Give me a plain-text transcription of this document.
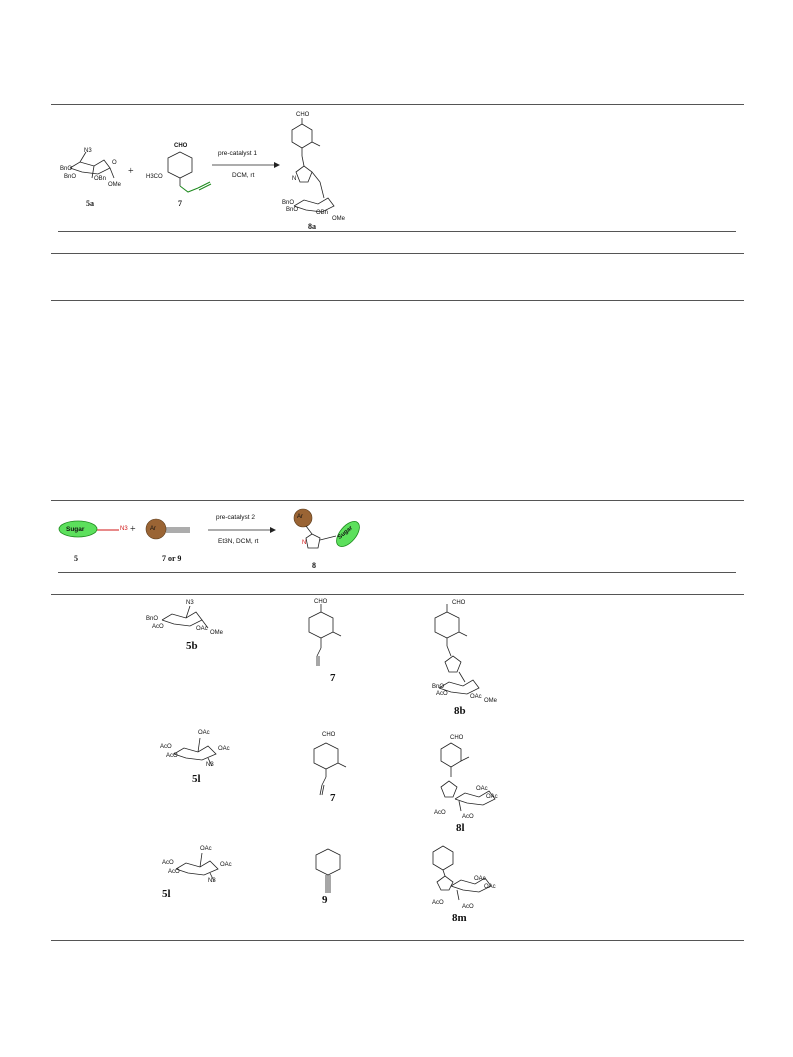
N3
O
BnO
BnO	OBn
OMe
5a
+
CHO
H3CO
7
pre-catalyst 1
DCM, rt
CHO
N
BnO
BnO	OBn
OMe
8a
Sugar	N3
5
+ Ar
7 or 9
pre-catalyst 2
Et3N, DCM, rt
Ar
N
Sugar
8
N3
BnO
AcO	OAc
OMe
5b
CHO
7
CHO
BnO
AcO	OAc
OMe
8b
OAc
AcO
AcO
OAc
N3
5l
CHO
7
CHO
OAc
OAc
AcO
AcO
8l
OAc
AcO
AcO
OAc
N3
5l	9
OAc
OAc
AcO
AcO
8m
